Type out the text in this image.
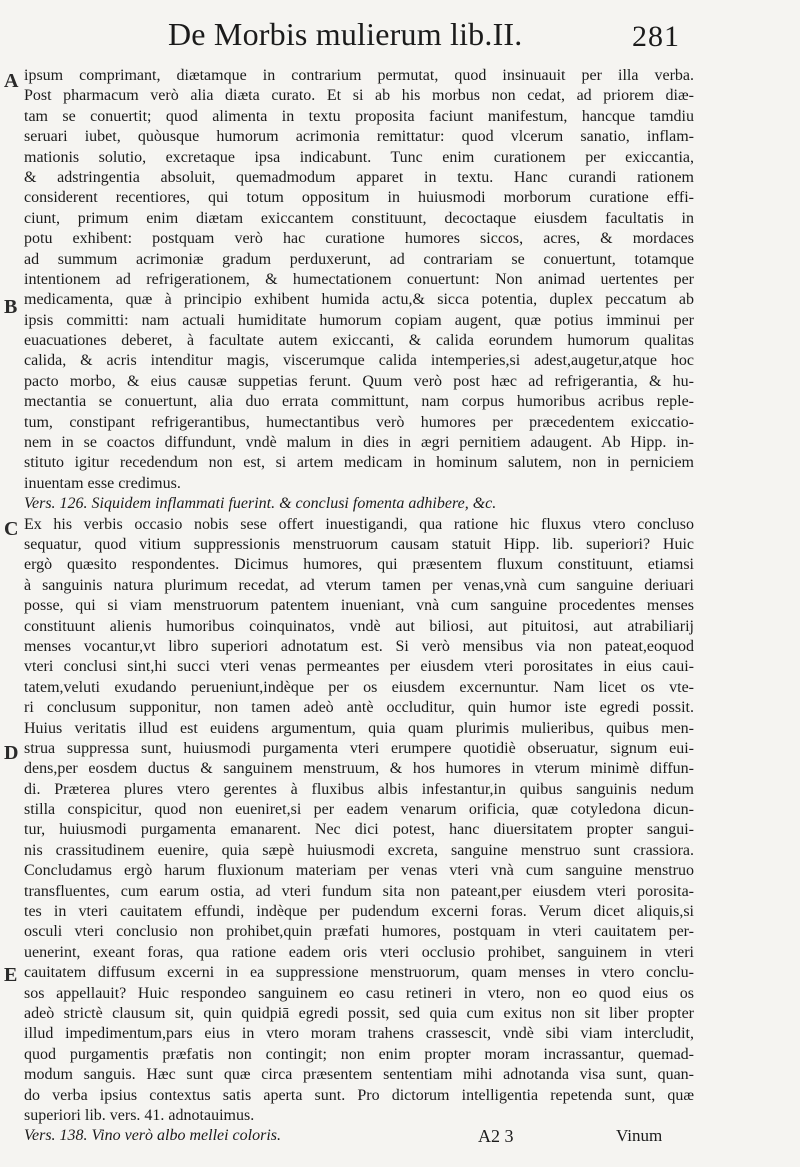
De Morbis mulierum lib.II.	281
A
B
C
D
E
ipsum comprimant, diætamque in contrarium permutat, quod insinuauit per illa verba.
Post pharmacum verò alia diæta curato. Et si ab his morbus non cedat, ad priorem diæ-
tam se conuertit; quod alimenta in textu proposita faciunt manifestum, hancque tamdiu
seruari iubet, quòusque humorum acrimonia remittatur: quod vlcerum sanatio, inflam-
mationis solutio, excretaque ipsa indicabunt. Tunc enim curationem per exiccantia,
& adstringentia absoluit, quemadmodum apparet in textu. Hanc curandi rationem
considerent recentiores, qui totum oppositum in huiusmodi morborum curatione effi-
ciunt, primum enim diætam exiccantem constituunt, decoctaque eiusdem facultatis in
potu exhibent: postquam verò hac curatione humores siccos, acres, & mordaces
ad summum acrimoniæ gradum perduxerunt, ad contrariam se conuertunt, totamque
intentionem ad refrigerationem, & humectationem conuertunt: Non animad uertentes per
medicamenta, quæ à principio exhibent humida actu,& sicca potentia, duplex peccatum ab
ipsis committi: nam actuali humiditate humorum copiam augent, quæ potius imminui per
euacuationes deberet, à facultate autem exiccanti, & calida eorundem humorum qualitas
calida, & acris intenditur magis, viscerumque calida intemperies,si adest,augetur,atque hoc
pacto morbo, & eius causæ suppetias ferunt. Quum verò post hæc ad refrigerantia, & hu-
mectantia se conuertunt, alia duo errata committunt, nam corpus humoribus acribus reple-
tum, constipant refrigerantibus, humectantibus verò humores per præcedentem exiccatio-
nem in se coactos diffundunt, vndè malum in dies in ægri pernitiem adaugent. Ab Hipp. in-
stituto igitur recedendum non est, si artem medicam in hominum salutem, non in perniciem
inuentam esse credimus.
Vers. 126. Siquidem inflammati fuerint. & conclusi fomenta adhibere, &c.
Ex his verbis occasio nobis sese offert inuestigandi, qua ratione hic fluxus vtero concluso
sequatur, quod vitium suppressionis menstruorum causam statuit Hipp. lib. superiori? Huic
ergò quæsito respondentes. Dicimus humores, qui præsentem fluxum constituunt, etiamsi
à sanguinis natura plurimum recedat, ad vterum tamen per venas,vnà cum sanguine deriuari
posse, qui si viam menstruorum patentem inueniant, vnà cum sanguine procedentes menses
constituunt alienis humoribus coinquinatos, vndè aut biliosi, aut pituitosi, aut atrabiliarij
menses vocantur,vt libro superiori adnotatum est. Si verò mensibus via non pateat,eoquod
vteri conclusi sint,hi succi vteri venas permeantes per eiusdem vteri porositates in eius caui-
tatem,veluti exudando perueniunt,indèque per os eiusdem excernuntur. Nam licet os vte-
ri conclusum supponitur, non tamen adeò antè occluditur, quin humor iste egredi possit.
Huius veritatis illud est euidens argumentum, quia quam plurimis mulieribus, quibus men-
strua suppressa sunt, huiusmodi purgamenta vteri erumpere quotidiè obseruatur, signum eui-
dens,per eosdem ductus & sanguinem menstruum, & hos humores in vterum minimè diffun-
di. Præterea plures vtero gerentes à fluxibus albis infestantur,in quibus sanguinis nedum
stilla conspicitur, quod non eueniret,si per eadem venarum orificia, quæ cotyledona dicun-
tur, huiusmodi purgamenta emanarent. Nec dici potest, hanc diuersitatem propter sangui-
nis crassitudinem euenire, quia sæpè huiusmodi excreta, sanguine menstruo sunt crassiora.
Concludamus ergò harum fluxionum materiam per venas vteri vnà cum sanguine menstruo
transfluentes, cum earum ostia, ad vteri fundum sita non pateant,per eiusdem vteri porosita-
tes in vteri cauitatem effundi, indèque per pudendum excerni foras. Verum dicet aliquis,si
osculi vteri conclusio non prohibet,quin præfati humores, postquam in vteri cauitatem per-
uenerint, exeant foras, qua ratione eadem oris vteri occlusio prohibet, sanguinem in vteri
cauitatem diffusum excerni in ea suppressione menstruorum, quam menses in vtero conclu-
sos appellauit? Huic respondeo sanguinem eo casu retineri in vtero, non eo quod eius os
adeò strictè clausum sit, quin quidpiā egredi possit, sed quia cum exitus non sit liber propter
illud impedimentum,pars eius in vtero moram trahens crassescit, vndè sibi viam intercludit,
quod purgamentis præfatis non contingit; non enim propter moram incrassantur, quemad-
modum sanguis. Hæc sunt quæ circa præsentem sententiam mihi adnotanda visa sunt, quan-
do verba ipsius contextus satis aperta sunt. Pro dictorum intelligentia repetenda sunt, quæ
superiori lib. vers. 41. adnotauimus.
Vers. 138. Vino verò albo mellei coloris.	A2 3	Vinum
